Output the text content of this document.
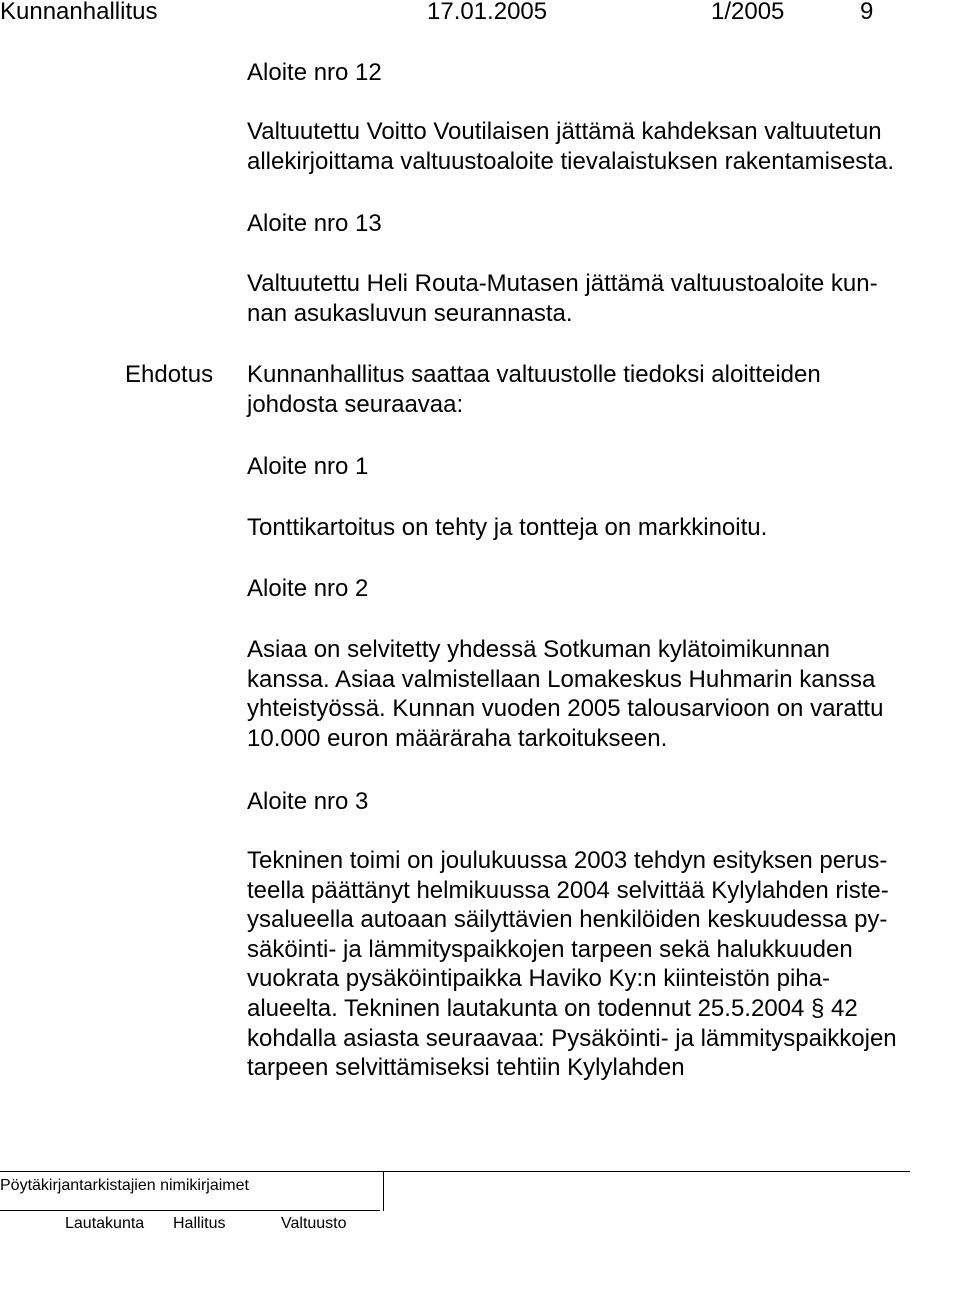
Kunnanhallitus	17.01.2005	1/2005	9
Aloite nro 12
Valtuutettu Voitto Voutilaisen jättämä kahdeksan valtuutetun
allekirjoittama valtuustoaloite tievalaistuksen rakentamisesta.
Aloite nro 13
Valtuutettu Heli Routa-Mutasen jättämä valtuustoaloite kun-
nan asukasluvun seurannasta.
Ehdotus Kunnanhallitus saattaa valtuustolle tiedoksi aloitteiden
johdosta seuraavaa:
Aloite nro 1
Tonttikartoitus on tehty ja tontteja on markkinoitu.
Aloite nro 2
Asiaa on selvitetty yhdessä Sotkuman kylätoimikunnan
kanssa. Asiaa valmistellaan Lomakeskus Huhmarin kanssa
yhteistyössä. Kunnan vuoden 2005 talousarvioon on varattu
10.000 euron määräraha tarkoitukseen.
Aloite nro 3
Tekninen toimi on joulukuussa 2003 tehdyn esityksen perus-
teella päättänyt helmikuussa 2004 selvittää Kylylahden riste-
ysalueella autoaan säilyttävien henkilöiden keskuudessa py-
säköinti- ja lämmityspaikkojen tarpeen sekä halukkuuden
vuokrata pysäköintipaikka Haviko Ky:n kiinteistön piha-
alueelta. Tekninen lautakunta on todennut 25.5.2004 § 42
kohdalla asiasta seuraavaa: Pysäköinti- ja lämmityspaikkojen
tarpeen selvittämiseksi tehtiin Kylylahden
Pöytäkirjantarkistajien nimikirjaimet
Lautakunta Hallitus	Valtuusto
